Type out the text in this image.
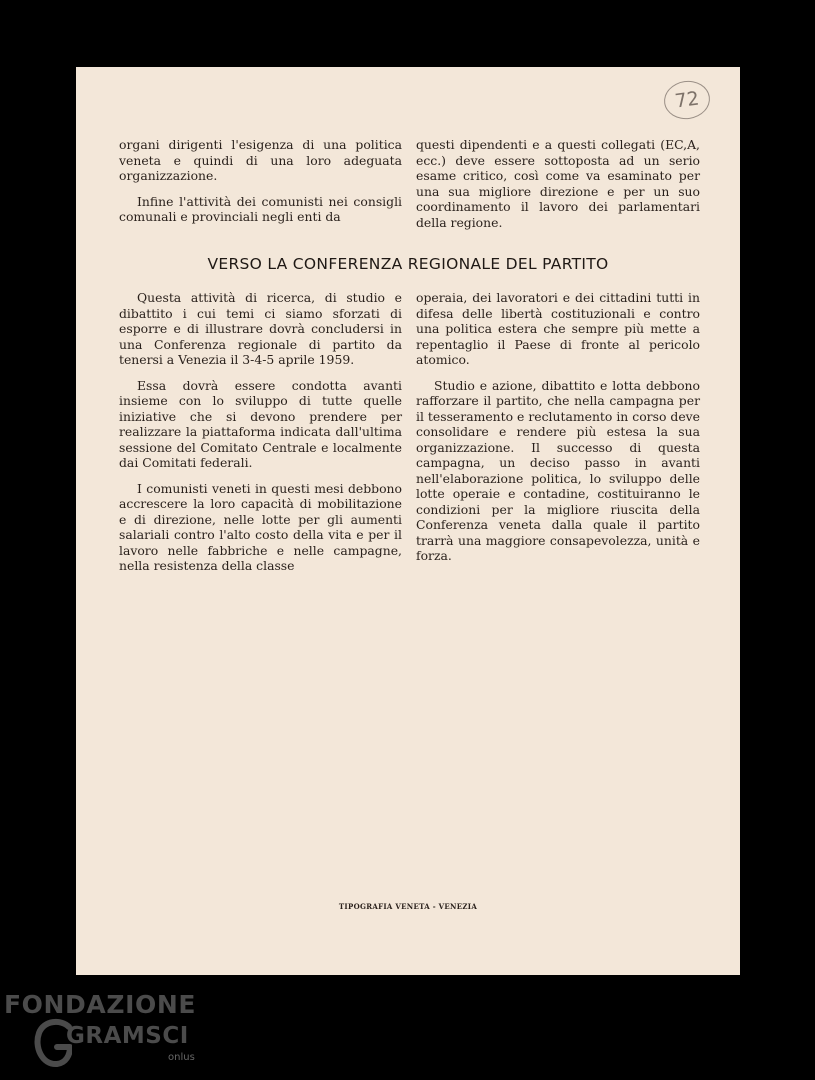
72

organi dirigenti l'esigenza di una politica veneta e quindi di una loro adeguata organizzazione.

Infine l'attività dei comunisti nei consigli comunali e provinciali negli enti da

questi dipendenti e a questi collegati (EC,A, ecc.) deve essere sottoposta ad un serio esame critico, così come va esaminato per una sua migliore direzione e per un suo coordinamento il lavoro dei parlamentari della regione.

VERSO LA CONFERENZA REGIONALE DEL PARTITO

Questa attività di ricerca, di studio e dibattito i cui temi ci siamo sforzati di esporre e di illustrare dovrà concludersi in una Conferenza regionale di partito da tenersi a Venezia il 3-4-5 aprile 1959.

Essa dovrà essere condotta avanti insieme con lo sviluppo di tutte quelle iniziative che si devono prendere per realizzare la piattaforma indicata dall'ultima sessione del Comitato Centrale e localmente dai Comitati federali.

I comunisti veneti in questi mesi debbono accrescere la loro capacità di mobilitazione e di direzione, nelle lotte per gli aumenti salariali contro l'alto costo della vita e per il lavoro nelle fabbriche e nelle campagne, nella resistenza della classe

operaia, dei lavoratori e dei cittadini tutti in difesa delle libertà costituzionali e contro una politica estera che sempre più mette a repentaglio il Paese di fronte al pericolo atomico.

Studio e azione, dibattito e lotta debbono rafforzare il partito, che nella campagna per il tesseramento e reclutamento in corso deve consolidare e rendere più estesa la sua organizzazione. Il successo di questa campagna, un deciso passo in avanti nell'elaborazione politica, lo sviluppo delle lotte operaie e contadine, costituiranno le condizioni per la migliore riuscita della Conferenza veneta dalla quale il partito trarrà una maggiore consapevolezza, unità e forza.

TIPOGRAFIA VENETA - VENEZIA
FONDAZIONE
GRAMSCI
onlus
